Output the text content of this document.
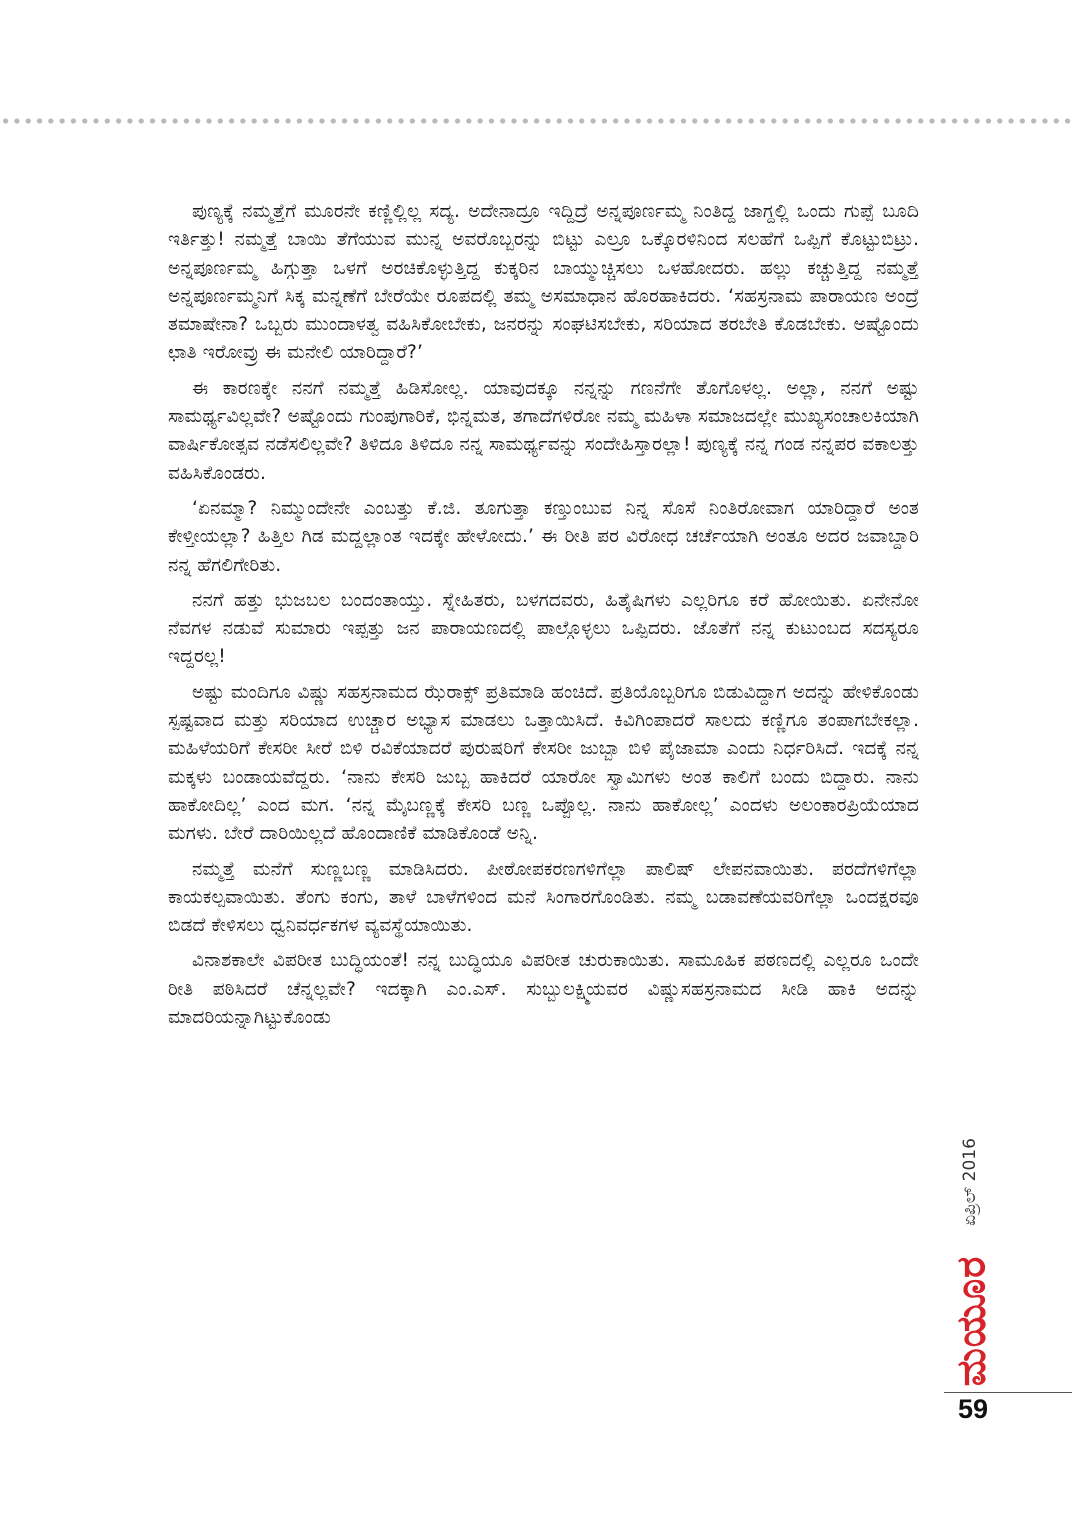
ಪುಣ್ಯಕ್ಕೆ ನಮ್ಮತ್ತೆಗೆ ಮೂರನೇ ಕಣ್ಣಿಲ್ಲಿಲ್ಲ ಸದ್ಯ. ಅದೇನಾದ್ರೂ ಇದ್ದಿದ್ರೆ ಅನ್ನಪೂರ್ಣಮ್ಮ ನಿಂತಿದ್ದ ಜಾಗ್ದಲ್ಲಿ ಒಂದು ಗುಪ್ಪೆ ಬೂದಿ ಇರ್ತಿತ್ತು! ನಮ್ಮತ್ತೆ ಬಾಯಿ ತೆಗೆಯುವ ಮುನ್ನ ಅವರೊಬ್ಬರನ್ನು ಬಿಟ್ಟು ಎಲ್ರೂ ಒಕ್ಕೊರಳಿನಿಂದ ಸಲಹೆಗೆ ಒಪ್ಪಿಗೆ ಕೊಟ್ಟುಬಿಟ್ರು. ಅನ್ನಪೂರ್ಣಮ್ಮ ಹಿಗ್ಗುತ್ತಾ ಒಳಗೆ ಅರಚಿಕೊಳ್ಳುತ್ತಿದ್ದ ಕುಕ್ಕರಿನ ಬಾಯ್ಮುಚ್ಚಿಸಲು ಒಳಹೋದರು. ಹಲ್ಲು ಕಚ್ಚುತ್ತಿದ್ದ ನಮ್ಮತ್ತೆ ಅನ್ನಪೂರ್ಣಮ್ಮನಿಗೆ ಸಿಕ್ಕ ಮನ್ನಣೆಗೆ ಬೇರೆಯೇ ರೂಪದಲ್ಲಿ ತಮ್ಮ ಅಸಮಾಧಾನ ಹೊರಹಾಕಿದರು. ‘ಸಹಸ್ರನಾಮ ಪಾರಾಯಣ ಅಂದ್ರೆ ತಮಾಷೇನಾ? ಒಬ್ಬರು ಮುಂದಾಳತ್ವ ವಹಿಸಿಕೋಬೇಕು, ಜನರನ್ನು ಸಂಘಟಿಸಬೇಕು, ಸರಿಯಾದ ತರಬೇತಿ ಕೊಡಬೇಕು. ಅಷ್ಟೊಂದು ಛಾತಿ ಇರೋವ್ರು ಈ ಮನೇಲಿ ಯಾರಿದ್ದಾರೆ?’

ಈ ಕಾರಣಕ್ಕೇ ನನಗೆ ನಮ್ಮತ್ತೆ ಹಿಡಿಸೋಲ್ಲ. ಯಾವುದಕ್ಕೂ ನನ್ನನ್ನು ಗಣನೆಗೇ ತೊಗೊಳಲ್ಲ. ಅಲ್ಲಾ, ನನಗೆ ಅಷ್ಟು ಸಾಮರ್ಥ್ಯವಿಲ್ಲವೇ? ಅಷ್ಟೊಂದು ಗುಂಪುಗಾರಿಕೆ, ಭಿನ್ನಮತ, ತಗಾದೆಗಳಿರೋ ನಮ್ಮ ಮಹಿಳಾ ಸಮಾಜದಲ್ಲೇ ಮುಖ್ಯಸಂಚಾಲಕಿಯಾಗಿ ವಾರ್ಷಿಕೋತ್ಸವ ನಡೆಸಲಿಲ್ಲವೇ? ತಿಳಿದೂ ತಿಳಿದೂ ನನ್ನ ಸಾಮರ್ಥ್ಯವನ್ನು ಸಂದೇಹಿಸ್ತಾರಲ್ಲಾ! ಪುಣ್ಯಕ್ಕೆ ನನ್ನ ಗಂಡ ನನ್ನಪರ ವಕಾಲತ್ತು ವಹಿಸಿಕೊಂಡರು.

‘ಏನಮ್ಮಾ? ನಿಮ್ಮುಂದೇನೇ ಎಂಬತ್ತು ಕೆ.ಜಿ. ತೂಗುತ್ತಾ ಕಣ್ತುಂಬುವ ನಿನ್ನ ಸೊಸೆ ನಿಂತಿರೋವಾಗ ಯಾರಿದ್ದಾರೆ ಅಂತ ಕೇಳ್ತೀಯಲ್ಲಾ? ಹಿತ್ತಿಲ ಗಿಡ ಮದ್ದಲ್ಲಾಂತ ಇದಕ್ಕೇ ಹೇಳೋದು.’ ಈ ರೀತಿ ಪರ ವಿರೋಧ ಚರ್ಚೆಯಾಗಿ ಅಂತೂ ಅದರ ಜವಾಬ್ದಾರಿ ನನ್ನ ಹೆಗಲಿಗೇರಿತು.

ನನಗೆ ಹತ್ತು ಭುಜಬಲ ಬಂದಂತಾಯ್ತು. ಸ್ನೇಹಿತರು, ಬಳಗದವರು, ಹಿತೈಷಿಗಳು ಎಲ್ಲರಿಗೂ ಕರೆ ಹೋಯಿತು. ಏನೇನೋ ನೆವಗಳ ನಡುವೆ ಸುಮಾರು ಇಪ್ಪತ್ತು ಜನ ಪಾರಾಯಣದಲ್ಲಿ ಪಾಲ್ಗೊಳ್ಳಲು ಒಪ್ಪಿದರು. ಜೊತೆಗೆ ನನ್ನ ಕುಟುಂಬದ ಸದಸ್ಯರೂ ಇದ್ದರಲ್ಲ!

ಅಷ್ಟು ಮಂದಿಗೂ ವಿಷ್ಣು ಸಹಸ್ರನಾಮದ ಝೆರಾಕ್ಸ್ ಪ್ರತಿಮಾಡಿ ಹಂಚಿದೆ. ಪ್ರತಿಯೊಬ್ಬರಿಗೂ ಬಿಡುವಿದ್ದಾಗ ಅದನ್ನು ಹೇಳಿಕೊಂಡು ಸ್ಪಷ್ಟವಾದ ಮತ್ತು ಸರಿಯಾದ ಉಚ್ಚಾರ ಅಭ್ಯಾಸ ಮಾಡಲು ಒತ್ತಾಯಿಸಿದೆ. ಕಿವಿಗಿಂಪಾದರೆ ಸಾಲದು ಕಣ್ಣಿಗೂ ತಂಪಾಗಬೇಕಲ್ಲಾ. ಮಹಿಳೆಯರಿಗೆ ಕೇಸರೀ ಸೀರೆ ಬಿಳಿ ರವಿಕೆಯಾದರೆ ಪುರುಷರಿಗೆ ಕೇಸರೀ ಜುಬ್ಬಾ ಬಿಳಿ ಪೈಜಾಮಾ ಎಂದು ನಿರ್ಧರಿಸಿದೆ. ಇದಕ್ಕೆ ನನ್ನ ಮಕ್ಕಳು ಬಂಡಾಯವೆದ್ದರು. ‘ನಾನು ಕೇಸರಿ ಜುಬ್ಬ ಹಾಕಿದರೆ ಯಾರೋ ಸ್ವಾಮಿಗಳು ಅಂತ ಕಾಲಿಗೆ ಬಂದು ಬಿದ್ದಾರು. ನಾನು ಹಾಕೋದಿಲ್ಲ’ ಎಂದ ಮಗ. ‘ನನ್ನ ಮೈಬಣ್ಣಕ್ಕೆ ಕೇಸರಿ ಬಣ್ಣ ಒಪ್ಪೊಲ್ಲ. ನಾನು ಹಾಕೋಲ್ಲ’ ಎಂದಳು ಅಲಂಕಾರಪ್ರಿಯೆಯಾದ ಮಗಳು. ಬೇರೆ ದಾರಿಯಿಲ್ಲದೆ ಹೊಂದಾಣಿಕೆ ಮಾಡಿಕೊಂಡೆ ಅನ್ನಿ.

ನಮ್ಮತ್ತೆ ಮನೆಗೆ ಸುಣ್ಣಬಣ್ಣ ಮಾಡಿಸಿದರು. ಪೀಠೋಪಕರಣಗಳಿಗೆಲ್ಲಾ ಪಾಲಿಷ್ ಲೇಪನವಾಯಿತು. ಪರದೆಗಳಿಗೆಲ್ಲಾ ಕಾಯಕಲ್ಪವಾಯಿತು. ತೆಂಗು ಕಂಗು, ತಾಳೆ ಬಾಳೆಗಳಿಂದ ಮನೆ ಸಿಂಗಾರಗೊಂಡಿತು. ನಮ್ಮ ಬಡಾವಣೆಯವರಿಗೆಲ್ಲಾ ಒಂದಕ್ಷರವೂ ಬಿಡದೆ ಕೇಳಿಸಲು ಧ್ವನಿವರ್ಧಕಗಳ ವ್ಯವಸ್ಥೆಯಾಯಿತು.

ವಿನಾಶಕಾಲೇ ವಿಪರೀತ ಬುದ್ಧಿಯಂತೆ! ನನ್ನ ಬುದ್ಧಿಯೂ ವಿಪರೀತ ಚುರುಕಾಯಿತು. ಸಾಮೂಹಿಕ ಪಠಣದಲ್ಲಿ ಎಲ್ಲರೂ ಒಂದೇ ರೀತಿ ಪಠಿಸಿದರೆ ಚೆನ್ನಲ್ಲವೇ? ಇದಕ್ಕಾಗಿ ಎಂ.ಎಸ್. ಸುಬ್ಬುಲಕ್ಷ್ಮಿಯವರ ವಿಷ್ಣುಸಹಸ್ರನಾಮದ ಸೀಡಿ ಹಾಕಿ ಅದನ್ನು ಮಾದರಿಯನ್ನಾಗಿಟ್ಟುಕೊಂಡು

ಏಪ್ರಿಲ್ 2016
ಮಯೂರ
59
